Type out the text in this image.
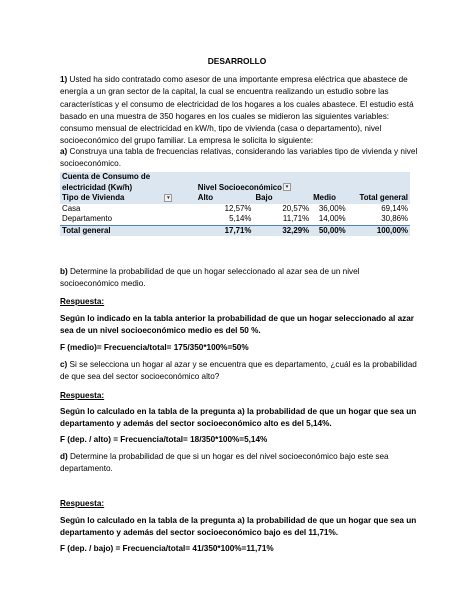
DESARROLLO
1) Usted ha sido contratado como asesor de una importante empresa eléctrica que abastece de energía a un gran sector de la capital, la cual se encuentra realizando un estudio sobre las características y el consumo de electricidad de los hogares a los cuales abastece. El estudio está basado en una muestra de 350 hogares en los cuales se midieron las siguientes variables: consumo mensual de electricidad en kW/h, tipo de vivienda (casa o departamento), nivel socioeconómico del grupo familiar. La empresa le solicita lo siguiente:
a) Construya una tabla de frecuencias relativas, considerando las variables tipo de vivienda y nivel socioeconómico.
Cuenta de Consumo de				
electricidad (Kw/h)	Nivel Socioeconómico ▾			
Tipo de Vivienda ▾	Alto	Bajo	Medio	Total general
Casa	12,57%	20,57%	36,00%	69,14%
Departamento	5,14%	11,71%	14,00%	30,86%
Total general	17,71%	32,29%	50,00%	100,00%
b) Determine la probabilidad de que un hogar seleccionado al azar sea de un nivel socioeconómico medio.
Respuesta:
Según lo indicado en la tabla anterior la probabilidad de que un hogar seleccionado al azar sea de un nivel socioeconómico medio es del 50 %.
F (medio)= Frecuencia/total= 175/350*100%=50%
c) Si se selecciona un hogar al azar y se encuentra que es departamento, ¿cuál es la probabilidad de que sea del sector socioeconómico alto?
Respuesta:
Según lo calculado en la tabla de la pregunta a) la probabilidad de que un hogar que sea un departamento y además del sector socioeconómico alto es del 5,14%.
F (dep. / alto) = Frecuencia/total= 18/350*100%=5,14%
d) Determine la probabilidad de que si un hogar es del nivel socioeconómico bajo este sea departamento.
Respuesta:
Según lo calculado en la tabla de la pregunta a) la probabilidad de que un hogar que sea un departamento y además del sector socioeconómico bajo es del 11,71%.
F (dep. / bajo) = Frecuencia/total= 41/350*100%=11,71%
